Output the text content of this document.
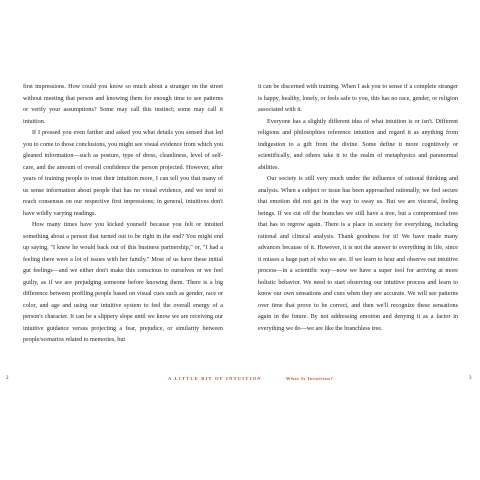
first impressions. How could you know so much about a stranger on the street without meeting that person and knowing them for enough time to see patterns or verify your assumptions? Some may call this instinct; some may call it intuition.

If I pressed you even farther and asked you what details you sensed that led you to come to those conclusions, you might see visual evidence from which you gleaned information—such as posture, type of dress, cleanliness, level of self-care, and the amount of overall confidence the person projected. However, after years of training people to trust their intuition more, I can tell you that many of us sense information about people that has no visual evidence, and we tend to reach consensus on our respective first impressions; in general, intuitives don't have wildly varying readings.

How many times have you kicked yourself because you felt or intuited something about a person that turned out to be right in the end? You might end up saying, "I knew he would back out of this business partnership," or, "I had a feeling there were a lot of issues with her family." Most of us have these initial gut feelings—and we either don't make this conscious to ourselves or we feel guilty, as if we are prejudging someone before knowing them. There is a big difference between profiling people based on visual cues such as gender, race or color, and age and using our intuitive system to feel the overall energy of a person's character. It can be a slippery slope until we know we are receiving our intuitive guidance versus projecting a fear, prejudice, or similarity between people/scenarios related to memories, but

it can be discerned with training. When I ask you to sense if a complete stranger is happy, healthy, lonely, or feels safe to you, this has no race, gender, or religion associated with it.

Everyone has a slightly different idea of what intuition is or isn't. Different religions and philosophies reference intuition and regard it as anything from indigestion to a gift from the divine. Some define it more cognitively or scientifically, and others take it to the realm of metaphysics and paranormal abilities.

Our society is still very much under the influence of rational thinking and analysis. When a subject or issue has been approached rationally, we feel secure that emotion did not get in the way to sway us. But we are visceral, feeling beings. If we cut off the branches we still have a tree, but a compromised tree that has to regrow again. There is a place in society for everything, including rational and clinical analysis. Thank goodness for it! We have made many advances because of it. However, it is not the answer to everything in life, since it misses a huge part of who we are. If we learn to hear and observe our intuitive process—in a scientific way—now we have a super tool for arriving at more holistic behavior. We need to start observing our intuitive process and learn to know our own sensations and cues when they are accurate. We will see patterns over time that prove to be correct, and then we'll recognize these sensations again in the future. By not addressing emotion and denying it as a factor in everything we do—we are like the branchless tree.

2	A LITTLE BIT OF INTUITION	What Is Intuition?	3
